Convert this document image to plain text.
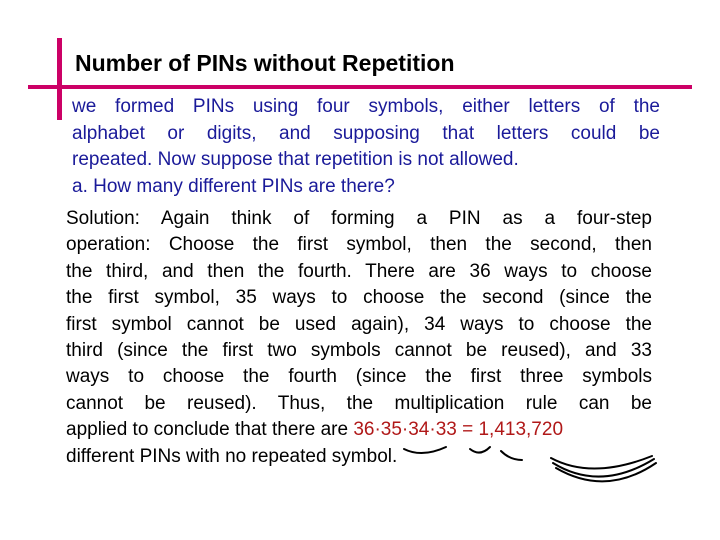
Number of PINs without Repetition
we formed PINs using four symbols, either letters of the
alphabet or digits, and supposing that letters could be
repeated. Now suppose that repetition is not allowed.
a. How many different PINs are there?
Solution: Again think of forming a PIN as a four-step
operation: Choose the first symbol, then the second, then
the third, and then the fourth. There are 36 ways to choose
the first symbol, 35 ways to choose the second (since the
first symbol cannot be used again), 34 ways to choose the
third (since the first two symbols cannot be reused), and 33
ways to choose the fourth (since the first three symbols
cannot be reused). Thus, the multiplication rule can be
applied to conclude that there are 36·35·34·33 = 1,413,720
different PINs with no repeated symbol.
